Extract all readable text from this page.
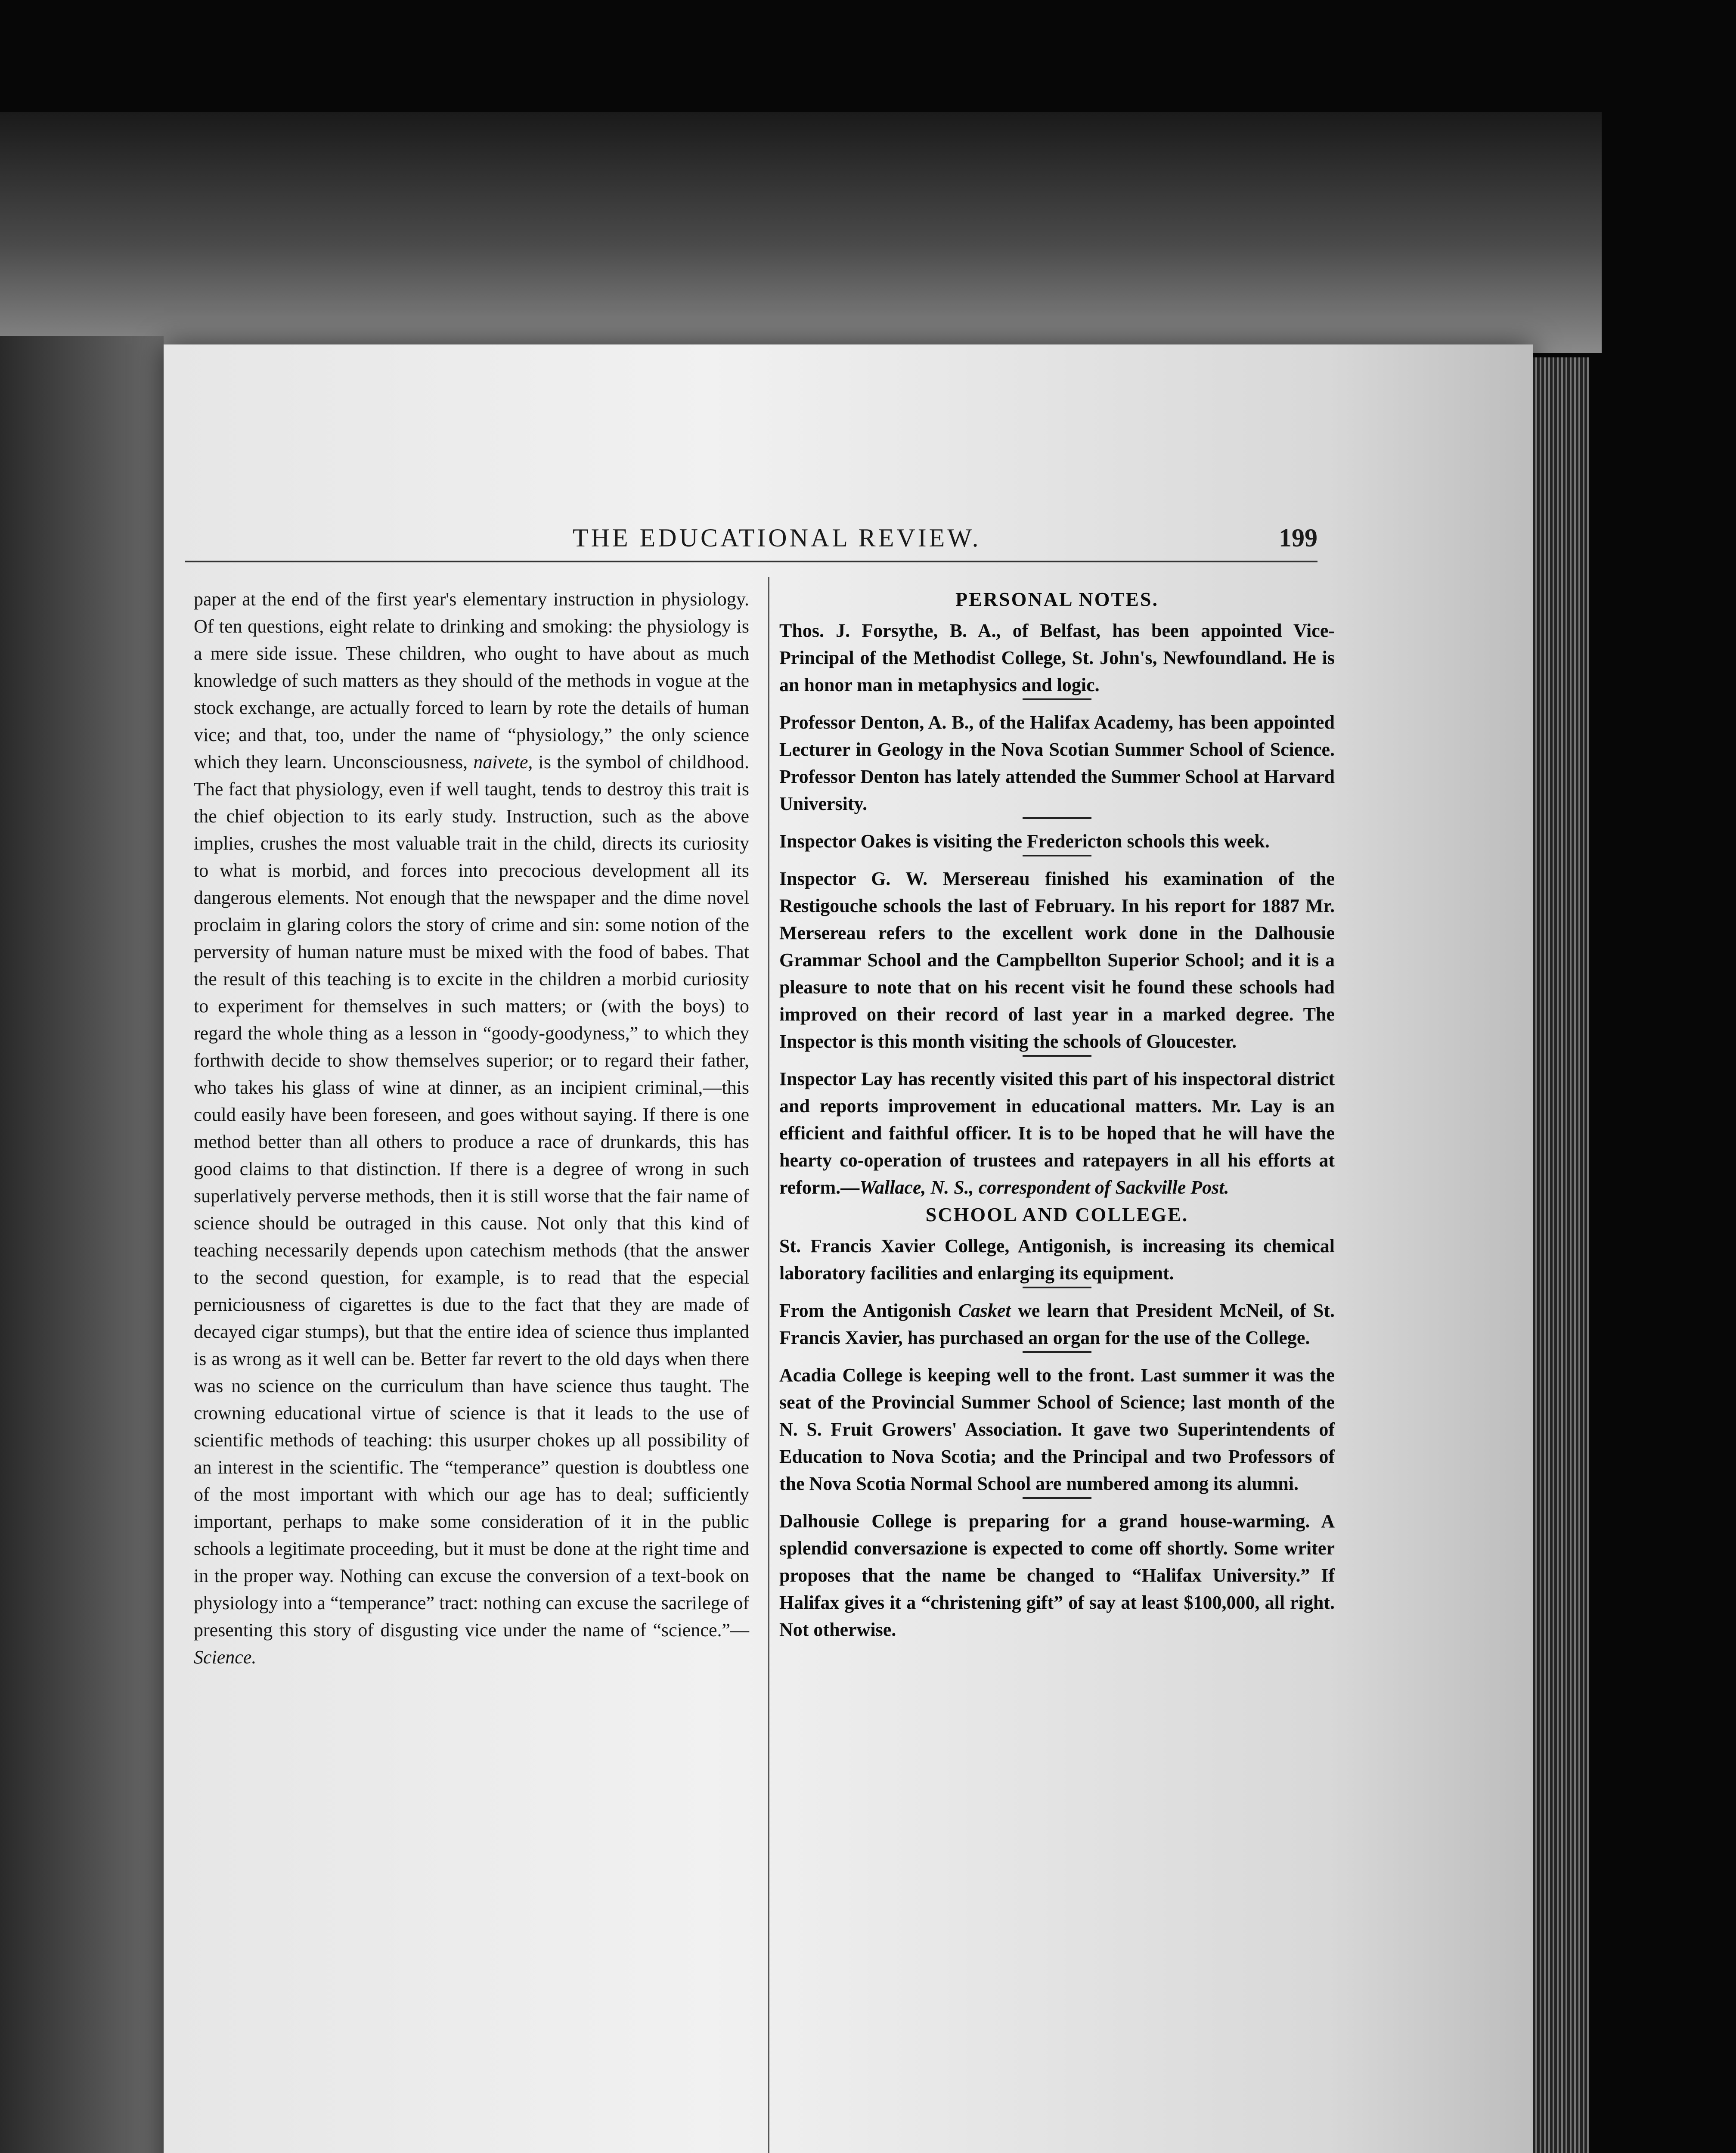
THE EDUCATIONAL REVIEW.	199

paper at the end of the first year's elementary instruction in physiology. Of ten questions, eight relate to drinking and smoking: the physiology is a mere side issue. These children, who ought to have about as much knowledge of such matters as they should of the methods in vogue at the stock exchange, are actually forced to learn by rote the details of human vice; and that, too, under the name of “physiology,” the only science which they learn. Unconsciousness, naivete, is the symbol of childhood. The fact that physiology, even if well taught, tends to destroy this trait is the chief objection to its early study. Instruction, such as the above implies, crushes the most valuable trait in the child, directs its curiosity to what is morbid, and forces into precocious development all its dangerous elements. Not enough that the newspaper and the dime novel proclaim in glaring colors the story of crime and sin: some notion of the perversity of human nature must be mixed with the food of babes. That the result of this teaching is to excite in the children a morbid curiosity to experiment for themselves in such matters; or (with the boys) to regard the whole thing as a lesson in “goody-goodyness,” to which they forthwith decide to show themselves superior; or to regard their father, who takes his glass of wine at dinner, as an incipient criminal,—this could easily have been foreseen, and goes without saying. If there is one method better than all others to produce a race of drunkards, this has good claims to that distinction. If there is a degree of wrong in such superlatively perverse methods, then it is still worse that the fair name of science should be outraged in this cause. Not only that this kind of teaching necessarily depends upon catechism methods (that the answer to the second question, for example, is to read that the especial perniciousness of cigarettes is due to the fact that they are made of decayed cigar stumps), but that the entire idea of science thus implanted is as wrong as it well can be. Better far revert to the old days when there was no science on the curriculum than have science thus taught. The crowning educational virtue of science is that it leads to the use of scientific methods of teaching: this usurper chokes up all possibility of an interest in the scientific. The “temperance” question is doubtless one of the most important with which our age has to deal; sufficiently important, perhaps to make some consideration of it in the public schools a legitimate proceeding, but it must be done at the right time and in the proper way. Nothing can excuse the conversion of a text-book on physiology into a “temperance” tract: nothing can excuse the sacrilege of presenting this story of disgusting vice under the name of “science.”—Science.

PERSONAL NOTES.

Thos. J. Forsythe, B. A., of Belfast, has been appointed Vice-Principal of the Methodist College, St. John's, Newfoundland. He is an honor man in metaphysics and logic.

Professor Denton, A. B., of the Halifax Academy, has been appointed Lecturer in Geology in the Nova Scotian Summer School of Science. Professor Denton has lately attended the Summer School at Harvard University.

Inspector Oakes is visiting the Fredericton schools this week.

Inspector G. W. Mersereau finished his examination of the Restigouche schools the last of February. In his report for 1887 Mr. Mersereau refers to the excellent work done in the Dalhousie Grammar School and the Campbellton Superior School; and it is a pleasure to note that on his recent visit he found these schools had improved on their record of last year in a marked degree. The Inspector is this month visiting the schools of Gloucester.

Inspector Lay has recently visited this part of his inspectoral district and reports improvement in educational matters. Mr. Lay is an efficient and faithful officer. It is to be hoped that he will have the hearty co-operation of trustees and ratepayers in all his efforts at reform.—Wallace, N. S., correspondent of Sackville Post.

SCHOOL AND COLLEGE.

St. Francis Xavier College, Antigonish, is increasing its chemical laboratory facilities and enlarging its equipment.

From the Antigonish Casket we learn that President McNeil, of St. Francis Xavier, has purchased an organ for the use of the College.

Acadia College is keeping well to the front. Last summer it was the seat of the Provincial Summer School of Science; last month of the N. S. Fruit Growers' Association. It gave two Superintendents of Education to Nova Scotia; and the Principal and two Professors of the Nova Scotia Normal School are numbered among its alumni.

Dalhousie College is preparing for a grand house-warming. A splendid conversazione is expected to come off shortly. Some writer proposes that the name be changed to “Halifax University.” If Halifax gives it a “christening gift” of say at least $100,000, all right. Not otherwise.
